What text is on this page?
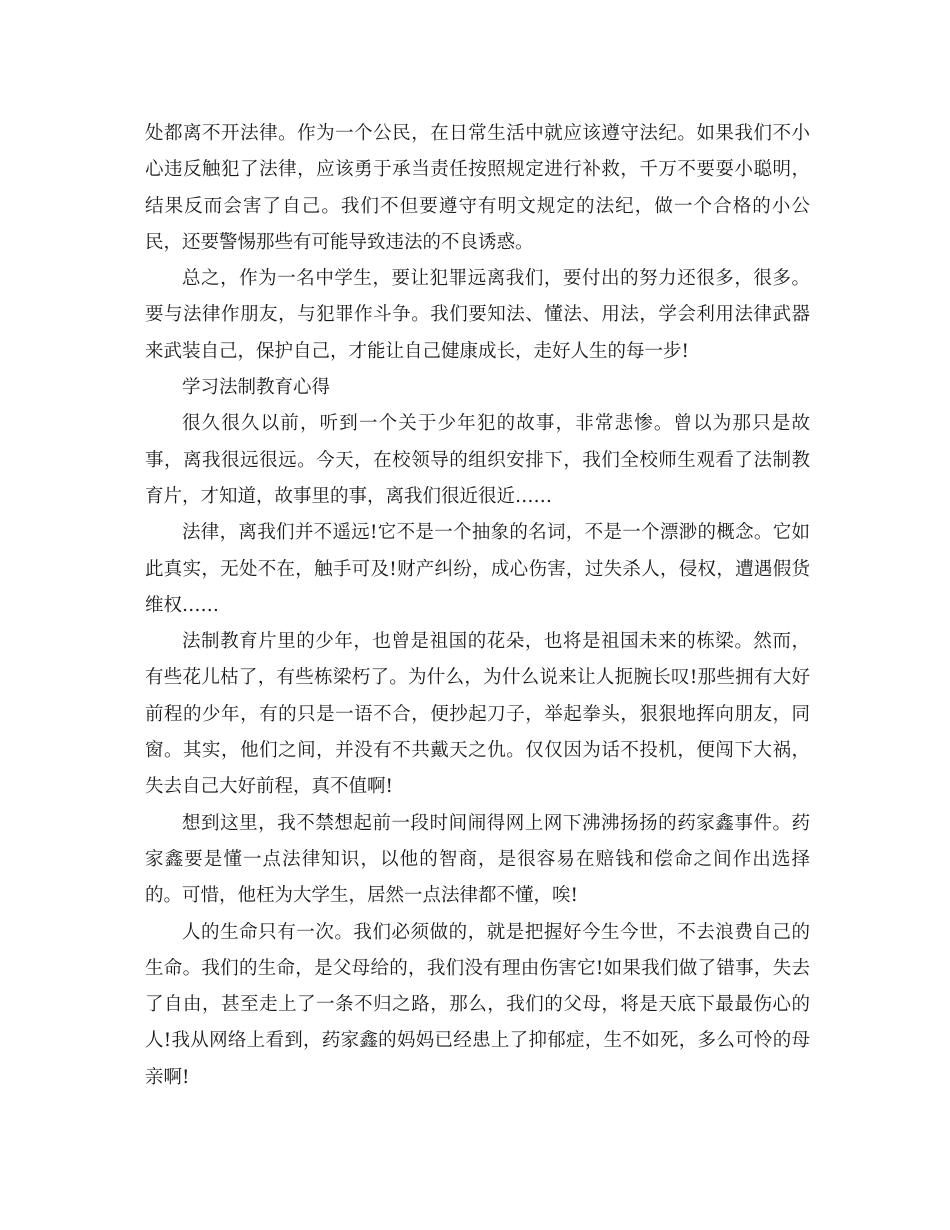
处都离不开法律。作为一个公民，在日常生活中就应该遵守法纪。如果我们不小
心违反触犯了法律，应该勇于承当责任按照规定进行补救，千万不要耍小聪明，
结果反而会害了自己。我们不但要遵守有明文规定的法纪，做一个合格的小公
民，还要警惕那些有可能导致违法的不良诱惑。
总之，作为一名中学生，要让犯罪远离我们，要付出的努力还很多，很多。
要与法律作朋友，与犯罪作斗争。我们要知法、懂法、用法，学会利用法律武器
来武装自己，保护自己，才能让自己健康成长，走好人生的每一步!
学习法制教育心得
很久很久以前，听到一个关于少年犯的故事，非常悲惨。曾以为那只是故
事，离我很远很远。今天，在校领导的组织安排下，我们全校师生观看了法制教
育片，才知道，故事里的事，离我们很近很近……
法律，离我们并不遥远!它不是一个抽象的名词，不是一个漂渺的概念。它如
此真实，无处不在，触手可及!财产纠纷，成心伤害，过失杀人，侵权，遭遇假货
维权……
法制教育片里的少年，也曾是祖国的花朵，也将是祖国未来的栋梁。然而，
有些花儿枯了，有些栋梁朽了。为什么，为什么说来让人扼腕长叹!那些拥有大好
前程的少年，有的只是一语不合，便抄起刀子，举起拳头，狠狠地挥向朋友，同
窗。其实，他们之间，并没有不共戴天之仇。仅仅因为话不投机，便闯下大祸，
失去自己大好前程，真不值啊!
想到这里，我不禁想起前一段时间闹得网上网下沸沸扬扬的药家鑫事件。药
家鑫要是懂一点法律知识，以他的智商，是很容易在赔钱和偿命之间作出选择
的。可惜，他枉为大学生，居然一点法律都不懂，唉!
人的生命只有一次。我们必须做的，就是把握好今生今世，不去浪费自己的
生命。我们的生命，是父母给的，我们没有理由伤害它!如果我们做了错事，失去
了自由，甚至走上了一条不归之路，那么，我们的父母，将是天底下最最伤心的
人!我从网络上看到，药家鑫的妈妈已经患上了抑郁症，生不如死，多么可怜的母
亲啊!
